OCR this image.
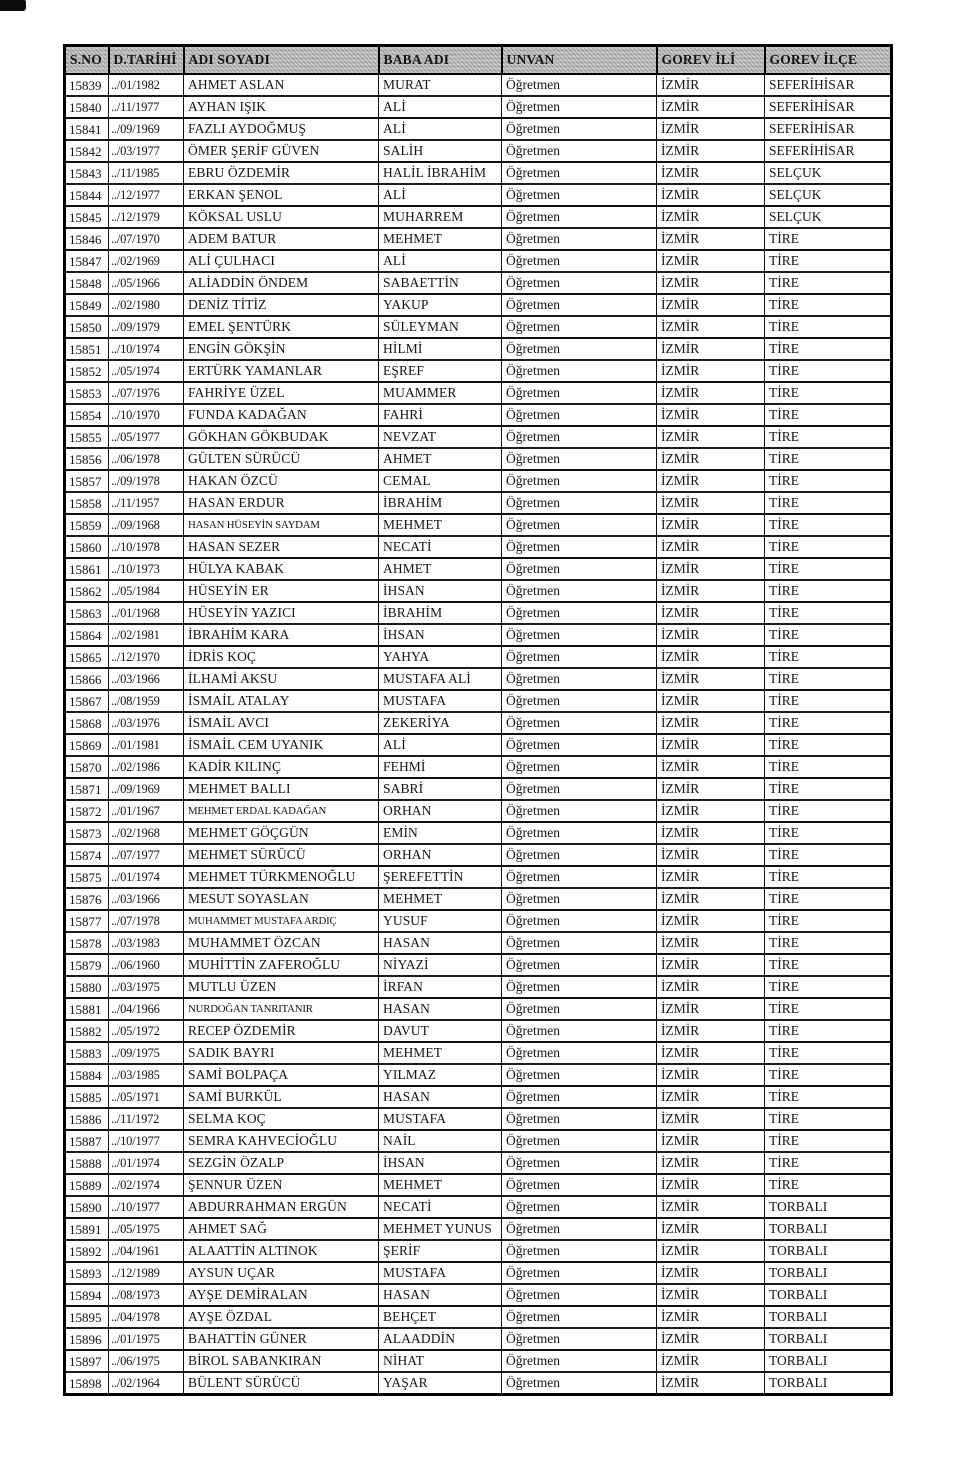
S.NO	D.TARİHİ	ADI SOYADI	BABA ADI	UNVAN	GOREV İLİ	GOREV İLÇE
15839	../01/1982	AHMET ASLAN	MURAT	Öğretmen	İZMİR	SEFERİHİSAR
15840	../11/1977	AYHAN IŞIK	ALİ	Öğretmen	İZMİR	SEFERİHİSAR
15841	../09/1969	FAZLI AYDOĞMUŞ	ALİ	Öğretmen	İZMİR	SEFERİHİSAR
15842	../03/1977	ÖMER ŞERİF GÜVEN	SALİH	Öğretmen	İZMİR	SEFERİHİSAR
15843	../11/1985	EBRU ÖZDEMİR	HALİL İBRAHİM	Öğretmen	İZMİR	SELÇUK
15844	../12/1977	ERKAN ŞENOL	ALİ	Öğretmen	İZMİR	SELÇUK
15845	../12/1979	KÖKSAL USLU	MUHARREM	Öğretmen	İZMİR	SELÇUK
15846	../07/1970	ADEM BATUR	MEHMET	Öğretmen	İZMİR	TİRE
15847	../02/1969	ALİ ÇULHACI	ALİ	Öğretmen	İZMİR	TİRE
15848	../05/1966	ALİADDİN ÖNDEM	SABAETTİN	Öğretmen	İZMİR	TİRE
15849	../02/1980	DENİZ TİTİZ	YAKUP	Öğretmen	İZMİR	TİRE
15850	../09/1979	EMEL ŞENTÜRK	SÜLEYMAN	Öğretmen	İZMİR	TİRE
15851	../10/1974	ENGİN GÖKŞİN	HİLMİ	Öğretmen	İZMİR	TİRE
15852	../05/1974	ERTÜRK YAMANLAR	EŞREF	Öğretmen	İZMİR	TİRE
15853	../07/1976	FAHRİYE ÜZEL	MUAMMER	Öğretmen	İZMİR	TİRE
15854	../10/1970	FUNDA KADAĞAN	FAHRİ	Öğretmen	İZMİR	TİRE
15855	../05/1977	GÖKHAN GÖKBUDAK	NEVZAT	Öğretmen	İZMİR	TİRE
15856	../06/1978	GÜLTEN SÜRÜCÜ	AHMET	Öğretmen	İZMİR	TİRE
15857	../09/1978	HAKAN ÖZCÜ	CEMAL	Öğretmen	İZMİR	TİRE
15858	../11/1957	HASAN ERDUR	İBRAHİM	Öğretmen	İZMİR	TİRE
15859	../09/1968	HASAN HÜSEYİN SAYDAM	MEHMET	Öğretmen	İZMİR	TİRE
15860	../10/1978	HASAN SEZER	NECATİ	Öğretmen	İZMİR	TİRE
15861	../10/1973	HÜLYA KABAK	AHMET	Öğretmen	İZMİR	TİRE
15862	../05/1984	HÜSEYİN ER	İHSAN	Öğretmen	İZMİR	TİRE
15863	../01/1968	HÜSEYİN YAZICI	İBRAHİM	Öğretmen	İZMİR	TİRE
15864	../02/1981	İBRAHİM KARA	İHSAN	Öğretmen	İZMİR	TİRE
15865	../12/1970	İDRİS KOÇ	YAHYA	Öğretmen	İZMİR	TİRE
15866	../03/1966	İLHAMİ AKSU	MUSTAFA ALİ	Öğretmen	İZMİR	TİRE
15867	../08/1959	İSMAİL ATALAY	MUSTAFA	Öğretmen	İZMİR	TİRE
15868	../03/1976	İSMAİL AVCI	ZEKERİYA	Öğretmen	İZMİR	TİRE
15869	../01/1981	İSMAİL CEM UYANIK	ALİ	Öğretmen	İZMİR	TİRE
15870	../02/1986	KADİR KILINÇ	FEHMİ	Öğretmen	İZMİR	TİRE
15871	../09/1969	MEHMET BALLI	SABRİ	Öğretmen	İZMİR	TİRE
15872	../01/1967	MEHMET ERDAL KADAĞAN	ORHAN	Öğretmen	İZMİR	TİRE
15873	../02/1968	MEHMET GÖÇGÜN	EMİN	Öğretmen	İZMİR	TİRE
15874	../07/1977	MEHMET SÜRÜCÜ	ORHAN	Öğretmen	İZMİR	TİRE
15875	../01/1974	MEHMET TÜRKMENOĞLU	ŞEREFETTİN	Öğretmen	İZMİR	TİRE
15876	../03/1966	MESUT SOYASLAN	MEHMET	Öğretmen	İZMİR	TİRE
15877	../07/1978	MUHAMMET MUSTAFA ARDIÇ	YUSUF	Öğretmen	İZMİR	TİRE
15878	../03/1983	MUHAMMET ÖZCAN	HASAN	Öğretmen	İZMİR	TİRE
15879	../06/1960	MUHİTTİN ZAFEROĞLU	NİYAZİ	Öğretmen	İZMİR	TİRE
15880	../03/1975	MUTLU ÜZEN	İRFAN	Öğretmen	İZMİR	TİRE
15881	../04/1966	NURDOĞAN TANRITANIR	HASAN	Öğretmen	İZMİR	TİRE
15882	../05/1972	RECEP ÖZDEMİR	DAVUT	Öğretmen	İZMİR	TİRE
15883	../09/1975	SADIK BAYRI	MEHMET	Öğretmen	İZMİR	TİRE
15884	../03/1985	SAMİ BOLPAÇA	YILMAZ	Öğretmen	İZMİR	TİRE
15885	../05/1971	SAMİ BURKÜL	HASAN	Öğretmen	İZMİR	TİRE
15886	../11/1972	SELMA KOÇ	MUSTAFA	Öğretmen	İZMİR	TİRE
15887	../10/1977	SEMRA KAHVECİOĞLU	NAİL	Öğretmen	İZMİR	TİRE
15888	../01/1974	SEZGİN ÖZALP	İHSAN	Öğretmen	İZMİR	TİRE
15889	../02/1974	ŞENNUR ÜZEN	MEHMET	Öğretmen	İZMİR	TİRE
15890	../10/1977	ABDURRAHMAN ERGÜN	NECATİ	Öğretmen	İZMİR	TORBALI
15891	../05/1975	AHMET SAĞ	MEHMET YUNUS	Öğretmen	İZMİR	TORBALI
15892	../04/1961	ALAATTİN ALTINOK	ŞERİF	Öğretmen	İZMİR	TORBALI
15893	../12/1989	AYSUN UÇAR	MUSTAFA	Öğretmen	İZMİR	TORBALI
15894	../08/1973	AYŞE DEMİRALAN	HASAN	Öğretmen	İZMİR	TORBALI
15895	../04/1978	AYŞE ÖZDAL	BEHÇET	Öğretmen	İZMİR	TORBALI
15896	../01/1975	BAHATTİN GÜNER	ALAADDİN	Öğretmen	İZMİR	TORBALI
15897	../06/1975	BİROL SABANKIRAN	NİHAT	Öğretmen	İZMİR	TORBALI
15898	../02/1964	BÜLENT SÜRÜCÜ	YAŞAR	Öğretmen	İZMİR	TORBALI
